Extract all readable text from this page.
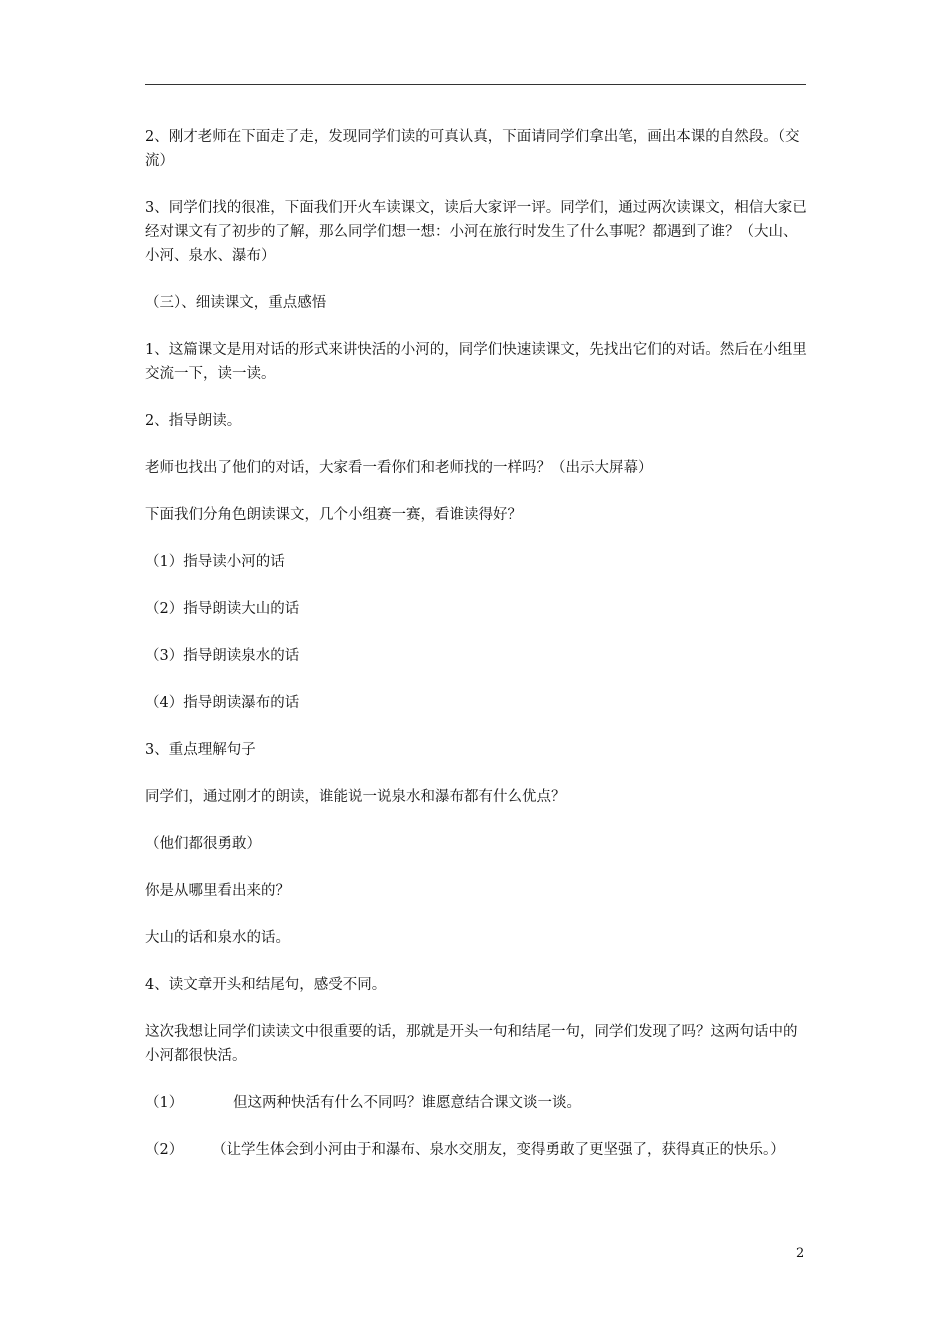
2、刚才老师在下面走了走，发现同学们读的可真认真，下面请同学们拿出笔，画出本课的自然段。（交流）

3、同学们找的很准，下面我们开火车读课文，读后大家评一评。同学们，通过两次读课文，相信大家已经对课文有了初步的了解，那么同学们想一想：小河在旅行时发生了什么事呢？都遇到了谁？（大山、小河、泉水、瀑布）

（三）、细读课文，重点感悟

1、这篇课文是用对话的形式来讲快活的小河的，同学们快速读课文，先找出它们的对话。然后在小组里交流一下，读一读。

2、指导朗读。

老师也找出了他们的对话，大家看一看你们和老师找的一样吗？（出示大屏幕）

下面我们分角色朗读课文，几个小组赛一赛，看谁读得好？

（1）指导读小河的话

（2）指导朗读大山的话

（3）指导朗读泉水的话

（4）指导朗读瀑布的话

3、重点理解句子

同学们，通过刚才的朗读，谁能说一说泉水和瀑布都有什么优点？

（他们都很勇敢）

你是从哪里看出来的？

大山的话和泉水的话。

4、读文章开头和结尾句，感受不同。

这次我想让同学们读读文中很重要的话，那就是开头一句和结尾一句，同学们发现了吗？这两句话中的小河都很快活。

（1）	但这两种快活有什么不同吗？谁愿意结合课文谈一谈。
（2）	（让学生体会到小河由于和瀑布、泉水交朋友，变得勇敢了更坚强了，获得真正的快乐。）
2
